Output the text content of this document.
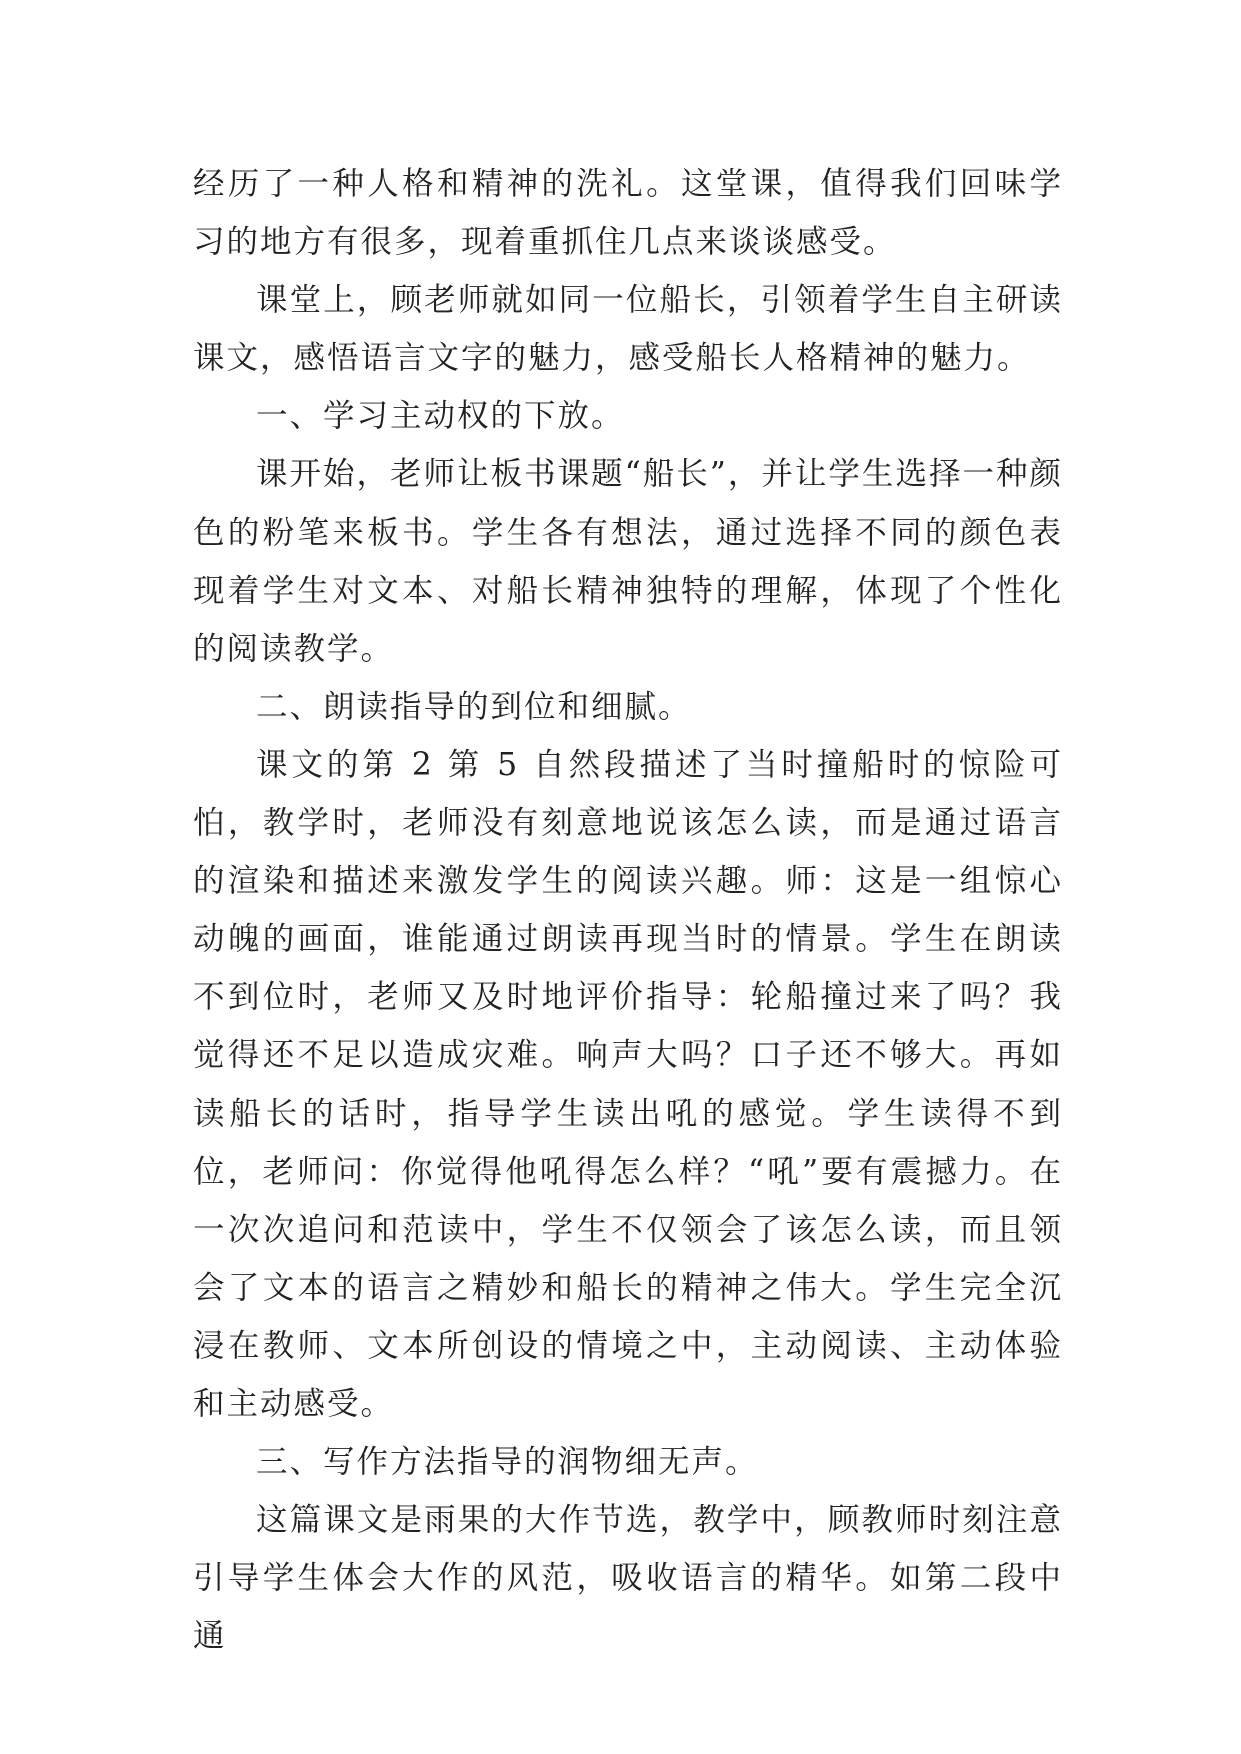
经历了一种人格和精神的洗礼。这堂课，值得我们回味学习的地方有很多，现着重抓住几点来谈谈感受。

课堂上，顾老师就如同一位船长，引领着学生自主研读课文，感悟语言文字的魅力，感受船长人格精神的魅力。

一、学习主动权的下放。

课开始，老师让板书课题“船长”，并让学生选择一种颜色的粉笔来板书。学生各有想法，通过选择不同的颜色表现着学生对文本、对船长精神独特的理解，体现了个性化的阅读教学。

二、朗读指导的到位和细腻。

课文的第 2 第 5 自然段描述了当时撞船时的惊险可怕，教学时，老师没有刻意地说该怎么读，而是通过语言的渲染和描述来激发学生的阅读兴趣。师：这是一组惊心动魄的画面，谁能通过朗读再现当时的情景。学生在朗读不到位时，老师又及时地评价指导：轮船撞过来了吗？我觉得还不足以造成灾难。响声大吗？口子还不够大。再如读船长的话时，指导学生读出吼的感觉。学生读得不到位，老师问：你觉得他吼得怎么样？“吼”要有震撼力。在一次次追问和范读中，学生不仅领会了该怎么读，而且领会了文本的语言之精妙和船长的精神之伟大。学生完全沉浸在教师、文本所创设的情境之中，主动阅读、主动体验和主动感受。

三、写作方法指导的润物细无声。

这篇课文是雨果的大作节选，教学中，顾教师时刻注意引导学生体会大作的风范，吸收语言的精华。如第二段中通
